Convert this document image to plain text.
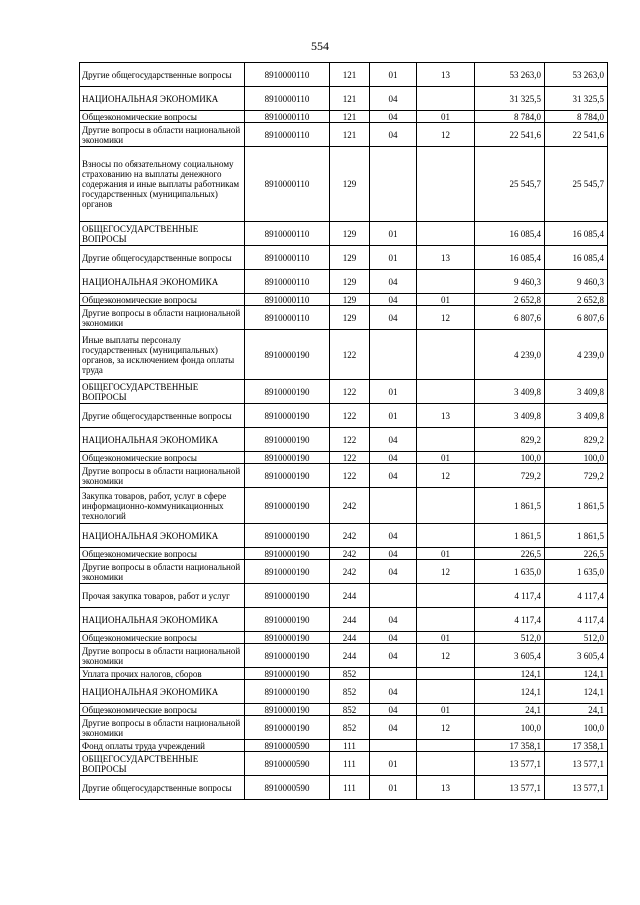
554
Другие общегосударственные вопросы	8910000110	121	01	13	53 263,0	53 263,0
НАЦИОНАЛЬНАЯ ЭКОНОМИКА	8910000110	121	04		31 325,5	31 325,5
Общеэкономические вопросы	8910000110	121	04	01	8 784,0	8 784,0
Другие вопросы в области национальной экономики	8910000110	121	04	12	22 541,6	22 541,6
Взносы по обязательному социальному страхованию на выплаты денежного содержания и иные выплаты работникам государственных (муниципальных) органов	8910000110	129			25 545,7	25 545,7
ОБЩЕГОСУДАРСТВЕННЫЕ ВОПРОСЫ	8910000110	129	01		16 085,4	16 085,4
Другие общегосударственные вопросы	8910000110	129	01	13	16 085,4	16 085,4
НАЦИОНАЛЬНАЯ ЭКОНОМИКА	8910000110	129	04		9 460,3	9 460,3
Общеэкономические вопросы	8910000110	129	04	01	2 652,8	2 652,8
Другие вопросы в области национальной экономики	8910000110	129	04	12	6 807,6	6 807,6
Иные выплаты персоналу государственных (муниципальных) органов, за исключением фонда оплаты труда	8910000190	122			4 239,0	4 239,0
ОБЩЕГОСУДАРСТВЕННЫЕ ВОПРОСЫ	8910000190	122	01		3 409,8	3 409,8
Другие общегосударственные вопросы	8910000190	122	01	13	3 409,8	3 409,8
НАЦИОНАЛЬНАЯ ЭКОНОМИКА	8910000190	122	04		829,2	829,2
Общеэкономические вопросы	8910000190	122	04	01	100,0	100,0
Другие вопросы в области национальной экономики	8910000190	122	04	12	729,2	729,2
Закупка товаров, работ, услуг в сфере информационно-коммуникационных технологий	8910000190	242			1 861,5	1 861,5
НАЦИОНАЛЬНАЯ ЭКОНОМИКА	8910000190	242	04		1 861,5	1 861,5
Общеэкономические вопросы	8910000190	242	04	01	226,5	226,5
Другие вопросы в области национальной экономики	8910000190	242	04	12	1 635,0	1 635,0
Прочая закупка товаров, работ и услуг	8910000190	244			4 117,4	4 117,4
НАЦИОНАЛЬНАЯ ЭКОНОМИКА	8910000190	244	04		4 117,4	4 117,4
Общеэкономические вопросы	8910000190	244	04	01	512,0	512,0
Другие вопросы в области национальной экономики	8910000190	244	04	12	3 605,4	3 605,4
Уплата прочих налогов, сборов	8910000190	852			124,1	124,1
НАЦИОНАЛЬНАЯ ЭКОНОМИКА	8910000190	852	04		124,1	124,1
Общеэкономические вопросы	8910000190	852	04	01	24,1	24,1
Другие вопросы в области национальной экономики	8910000190	852	04	12	100,0	100,0
Фонд оплаты труда учреждений	8910000590	111			17 358,1	17 358,1
ОБЩЕГОСУДАРСТВЕННЫЕ ВОПРОСЫ	8910000590	111	01		13 577,1	13 577,1
Другие общегосударственные вопросы	8910000590	111	01	13	13 577,1	13 577,1
